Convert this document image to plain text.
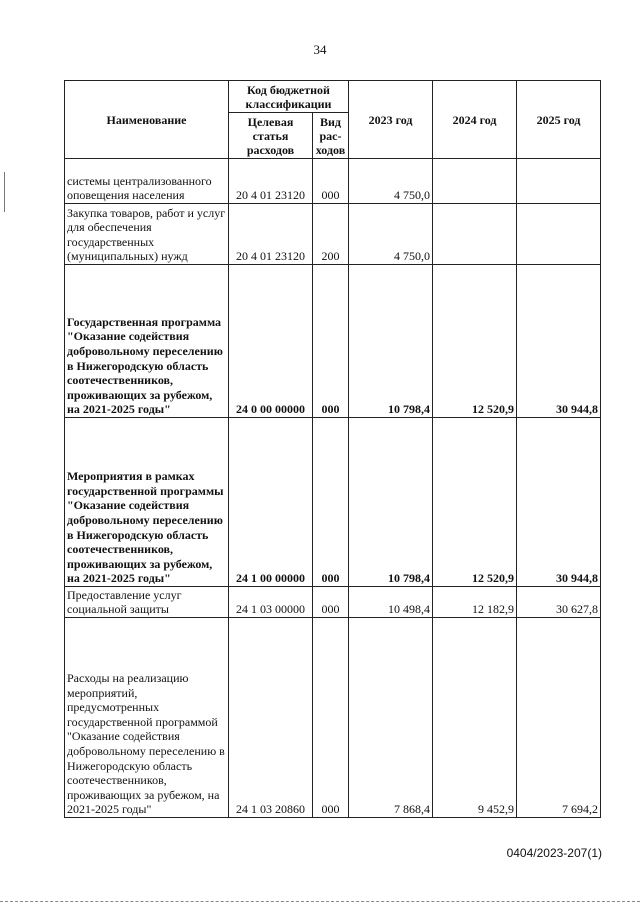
34
Наименование	Код бюджетной классификации		2023 год	2024 год	2025 год
	Целевая статья расходов	Вид рас-ходов			
системы централизованного оповещения населения	20 4 01 23120	000	4 750,0		
Закупка товаров, работ и услуг для обеспечения государственных (муниципальных) нужд	20 4 01 23120	200	4 750,0		
Государственная программа "Оказание содействия добровольному переселению в Нижегородскую область соотечественников, проживающих за рубежом, на 2021-2025 годы"	24 0 00 00000	000	10 798,4	12 520,9	30 944,8
Мероприятия в рамках государственной программы "Оказание содействия добровольному переселению в Нижегородскую область соотечественников, проживающих за рубежом, на 2021-2025 годы"	24 1 00 00000	000	10 798,4	12 520,9	30 944,8
Предоставление услуг социальной защиты	24 1 03 00000	000	10 498,4	12 182,9	30 627,8
Расходы на реализацию мероприятий, предусмотренных государственной программой "Оказание содействия добровольному переселению в Нижегородскую область соотечественников, проживающих за рубежом, на 2021-2025 годы"	24 1 03 20860	000	7 868,4	9 452,9	7 694,2
0404/2023-207(1)
